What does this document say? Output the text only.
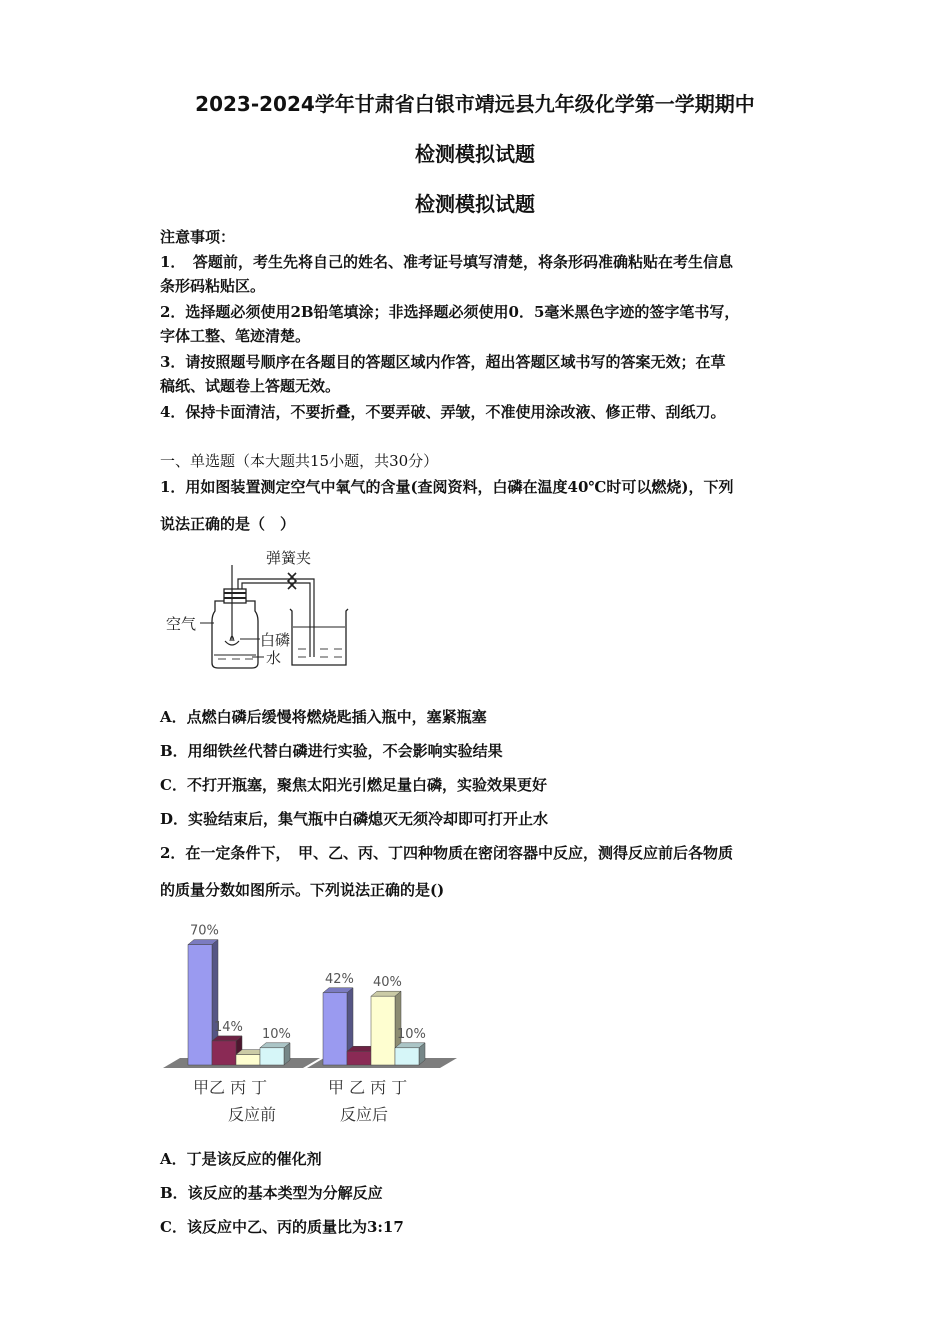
2023-2024学年甘肃省白银市靖远县九年级化学第一学期期中
检测模拟试题
检测模拟试题
注意事项：
1．　答题前，考生先将自己的姓名、准考证号填写清楚，将条形码准确粘贴在考生信息
条形码粘贴区。
2．选择题必须使用2B铅笔填涂；非选择题必须使用0．5毫米黑色字迹的签字笔书写，
字体工整、笔迹清楚。
3．请按照题号顺序在各题目的答题区域内作答，超出答题区域书写的答案无效；在草
稿纸、试题卷上答题无效。
4．保持卡面清洁，不要折叠，不要弄破、弄皱，不准使用涂改液、修正带、刮纸刀。
一、单选题（本大题共15小题，共30分）
1．用如图装置测定空气中氧气的含量(查阅资料，白磷在温度40℃时可以燃烧)，下列
说法正确的是（　）
弹簧夹
空气
白磷
水
A．点燃白磷后缓慢将燃烧匙插入瓶中，塞紧瓶塞
B．用细铁丝代替白磷进行实验，不会影响实验结果
C．不打开瓶塞，聚焦太阳光引燃足量白磷，实验效果更好
D．实验结束后，集气瓶中白磷熄灭无须冷却即可打开止水
2．在一定条件下，　甲、乙、丙、丁四种物质在密闭容器中反应，测得反应前后各物质
的质量分数如图所示。下列说法正确的是()
70%
14% 10%
42% 40%
10%
甲乙 丙 丁	甲 乙 丙 丁
反应前	反应后
A．丁是该反应的催化剂
B．该反应的基本类型为分解反应
C．该反应中乙、丙的质量比为3:17
